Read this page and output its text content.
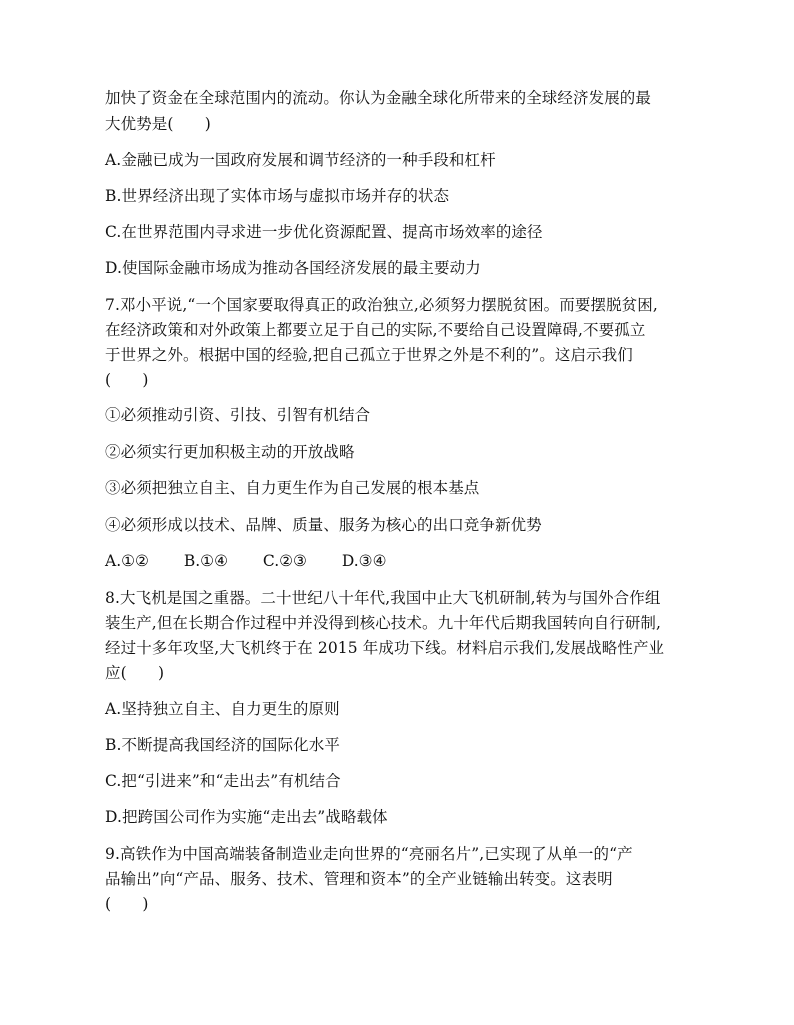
加快了资金在全球范围内的流动。你认为金融全球化所带来的全球经济发展的最
大优势是(　　)
A.金融已成为一国政府发展和调节经济的一种手段和杠杆
B.世界经济出现了实体市场与虚拟市场并存的状态
C.在世界范围内寻求进一步优化资源配置、提高市场效率的途径
D.使国际金融市场成为推动各国经济发展的最主要动力
7.邓小平说,“一个国家要取得真正的政治独立,必须努力摆脱贫困。而要摆脱贫困,
在经济政策和对外政策上都要立足于自己的实际,不要给自己设置障碍,不要孤立
于世界之外。根据中国的经验,把自己孤立于世界之外是不利的”。这启示我们
(　　)
①必须推动引资、引技、引智有机结合
②必须实行更加积极主动的开放战略
③必须把独立自主、自力更生作为自己发展的根本基点
④必须形成以技术、品牌、质量、服务为核心的出口竞争新优势
A.①② B.①④ C.②③ D.③④
8.大飞机是国之重器。二十世纪八十年代,我国中止大飞机研制,转为与国外合作组
装生产,但在长期合作过程中并没得到核心技术。九十年代后期我国转向自行研制,
经过十多年攻坚,大飞机终于在 2015 年成功下线。材料启示我们,发展战略性产业
应(　　)
A.坚持独立自主、自力更生的原则
B.不断提高我国经济的国际化水平
C.把“引进来”和“走出去”有机结合
D.把跨国公司作为实施“走出去”战略载体
9.高铁作为中国高端装备制造业走向世界的“亮丽名片”,已实现了从单一的“产
品输出”向“产品、服务、技术、管理和资本”的全产业链输出转变。这表明
(　　)
